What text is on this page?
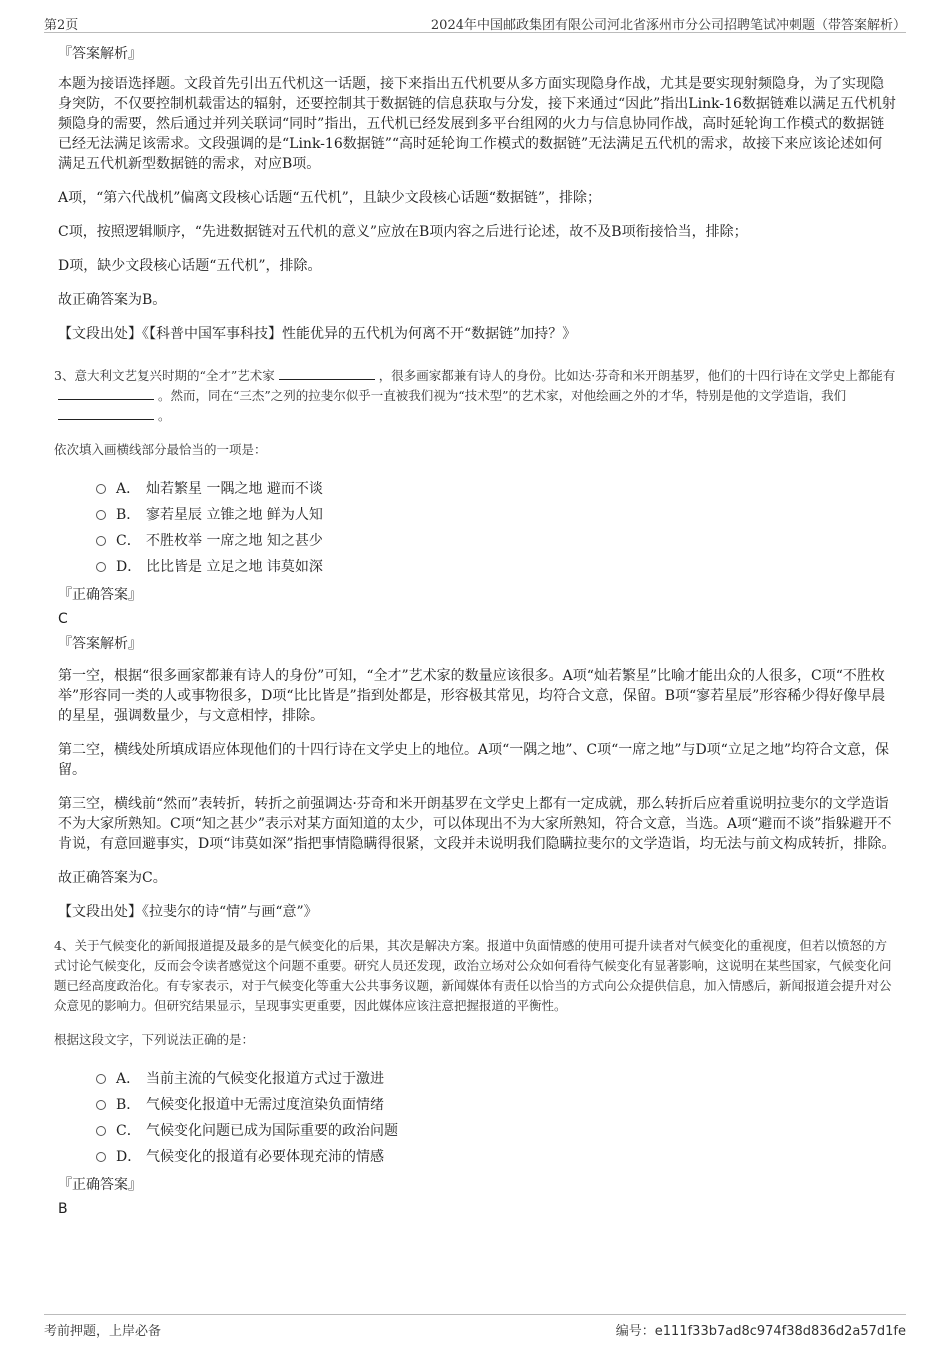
第2页	2024年中国邮政集团有限公司河北省涿州市分公司招聘笔试冲刺题（带答案解析）
『答案解析』

本题为接语选择题。文段首先引出五代机这一话题，接下来指出五代机要从多方面实现隐身作战，尤其是要实现射频隐身，为了实现隐身突防，不仅要控制机载雷达的辐射，还要控制其于数据链的信息获取与分发，接下来通过“因此”指出Link-16数据链难以满足五代机射频隐身的需要，然后通过并列关联词“同时”指出，五代机已经发展到多平台组网的火力与信息协同作战，高时延轮询工作模式的数据链已经无法满足该需求。文段强调的是“Link-16数据链”“高时延轮询工作模式的数据链”无法满足五代机的需求，故接下来应该论述如何满足五代机新型数据链的需求，对应B项。

A项，“第六代战机”偏离文段核心话题“五代机”，且缺少文段核心话题“数据链”，排除；

C项，按照逻辑顺序，“先进数据链对五代机的意义”应放在B项内容之后进行论述，故不及B项衔接恰当，排除；

D项，缺少文段核心话题“五代机”，排除。

故正确答案为B。

【文段出处】《【科普中国军事科技】性能优异的五代机为何离不开“数据链”加持？》

3、意大利文艺复兴时期的“全才”艺术家	，很多画家都兼有诗人的身份。比如达·芬奇和米开朗基罗，他们的十四行诗在文学史上都能有。然而，同在“三杰”之列的拉斐尔似乎一直被我们视为“技术型”的艺术家，对他绘画之外的才华，特别是他的文学造诣，我们。

依次填入画横线部分最恰当的一项是：

A． 灿若繁星 一隅之地 避而不谈
B． 寥若星辰 立锥之地 鲜为人知
C． 不胜枚举 一席之地 知之甚少
D． 比比皆是 立足之地 讳莫如深
『正确答案』
C
『答案解析』

第一空，根据“很多画家都兼有诗人的身份”可知，“全才”艺术家的数量应该很多。A项“灿若繁星”比喻才能出众的人很多，C项“不胜枚举”形容同一类的人或事物很多，D项“比比皆是”指到处都是，形容极其常见，均符合文意，保留。B项“寥若星辰”形容稀少得好像早晨的星星，强调数量少，与文意相悖，排除。

第二空，横线处所填成语应体现他们的十四行诗在文学史上的地位。A项“一隅之地”、C项“一席之地”与D项“立足之地”均符合文意，保留。

第三空，横线前“然而”表转折，转折之前强调达·芬奇和米开朗基罗在文学史上都有一定成就，那么转折后应着重说明拉斐尔的文学造诣不为大家所熟知。C项“知之甚少”表示对某方面知道的太少，可以体现出不为大家所熟知，符合文意，当选。A项“避而不谈”指躲避开不肯说，有意回避事实，D项“讳莫如深”指把事情隐瞒得很紧，文段并未说明我们隐瞒拉斐尔的文学造诣，均无法与前文构成转折，排除。

故正确答案为C。

【文段出处】《拉斐尔的诗“情”与画“意”》

4、关于气候变化的新闻报道提及最多的是气候变化的后果，其次是解决方案。报道中负面情感的使用可提升读者对气候变化的重视度，但若以愤怒的方式讨论气候变化，反而会令读者感觉这个问题不重要。研究人员还发现，政治立场对公众如何看待气候变化有显著影响，这说明在某些国家，气候变化问题已经高度政治化。有专家表示，对于气候变化等重大公共事务议题，新闻媒体有责任以恰当的方式向公众提供信息，加入情感后，新闻报道会提升对公众意见的影响力。但研究结果显示，呈现事实更重要，因此媒体应该注意把握报道的平衡性。

根据这段文字，下列说法正确的是：

A． 当前主流的气候变化报道方式过于激进
B． 气候变化报道中无需过度渲染负面情绪
C． 气候变化问题已成为国际重要的政治问题
D． 气候变化的报道有必要体现充沛的情感
『正确答案』
B
考前押题，上岸必备	编号：e111f33b7ad8c974f38d836d2a57d1fe
